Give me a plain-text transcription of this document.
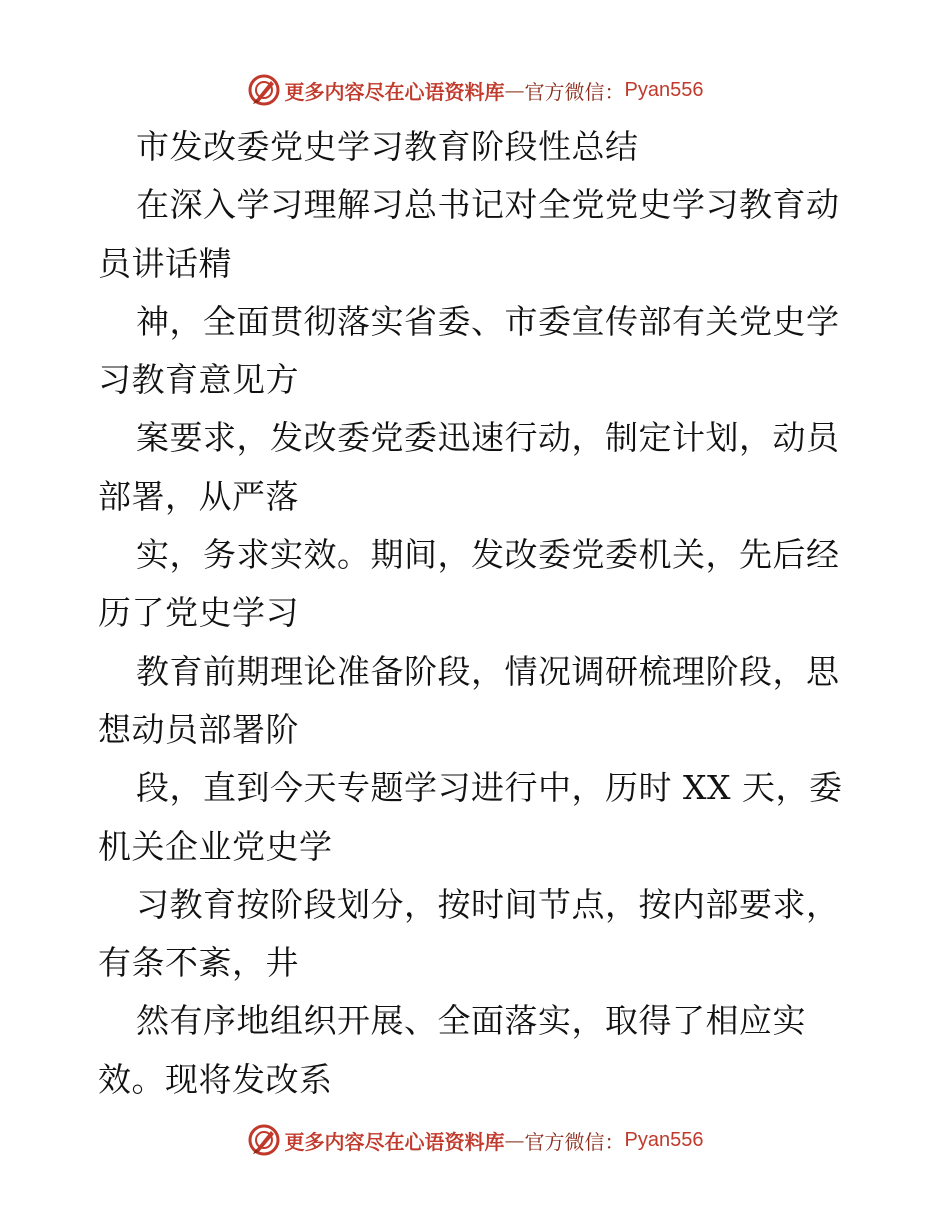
更多内容尽在心语资料库 — 官方微信： Pyan556
市发改委党史学习教育阶段性总结
在深入学习理解习总书记对全党党史学习教育动
员讲话精
神，全面贯彻落实省委、市委宣传部有关党史学
习教育意见方
案要求，发改委党委迅速行动，制定计划，动员
部署，从严落
实，务求实效。期间，发改委党委机关，先后经
历了党史学习
教育前期理论准备阶段，情况调研梳理阶段，思
想动员部署阶
段，直到今天专题学习进行中，历时 XX 天，委
机关企业党史学
习教育按阶段划分，按时间节点，按内部要求，
有条不紊，井
然有序地组织开展、全面落实，取得了相应实
效。现将发改系
更多内容尽在心语资料库 — 官方微信： Pyan556
